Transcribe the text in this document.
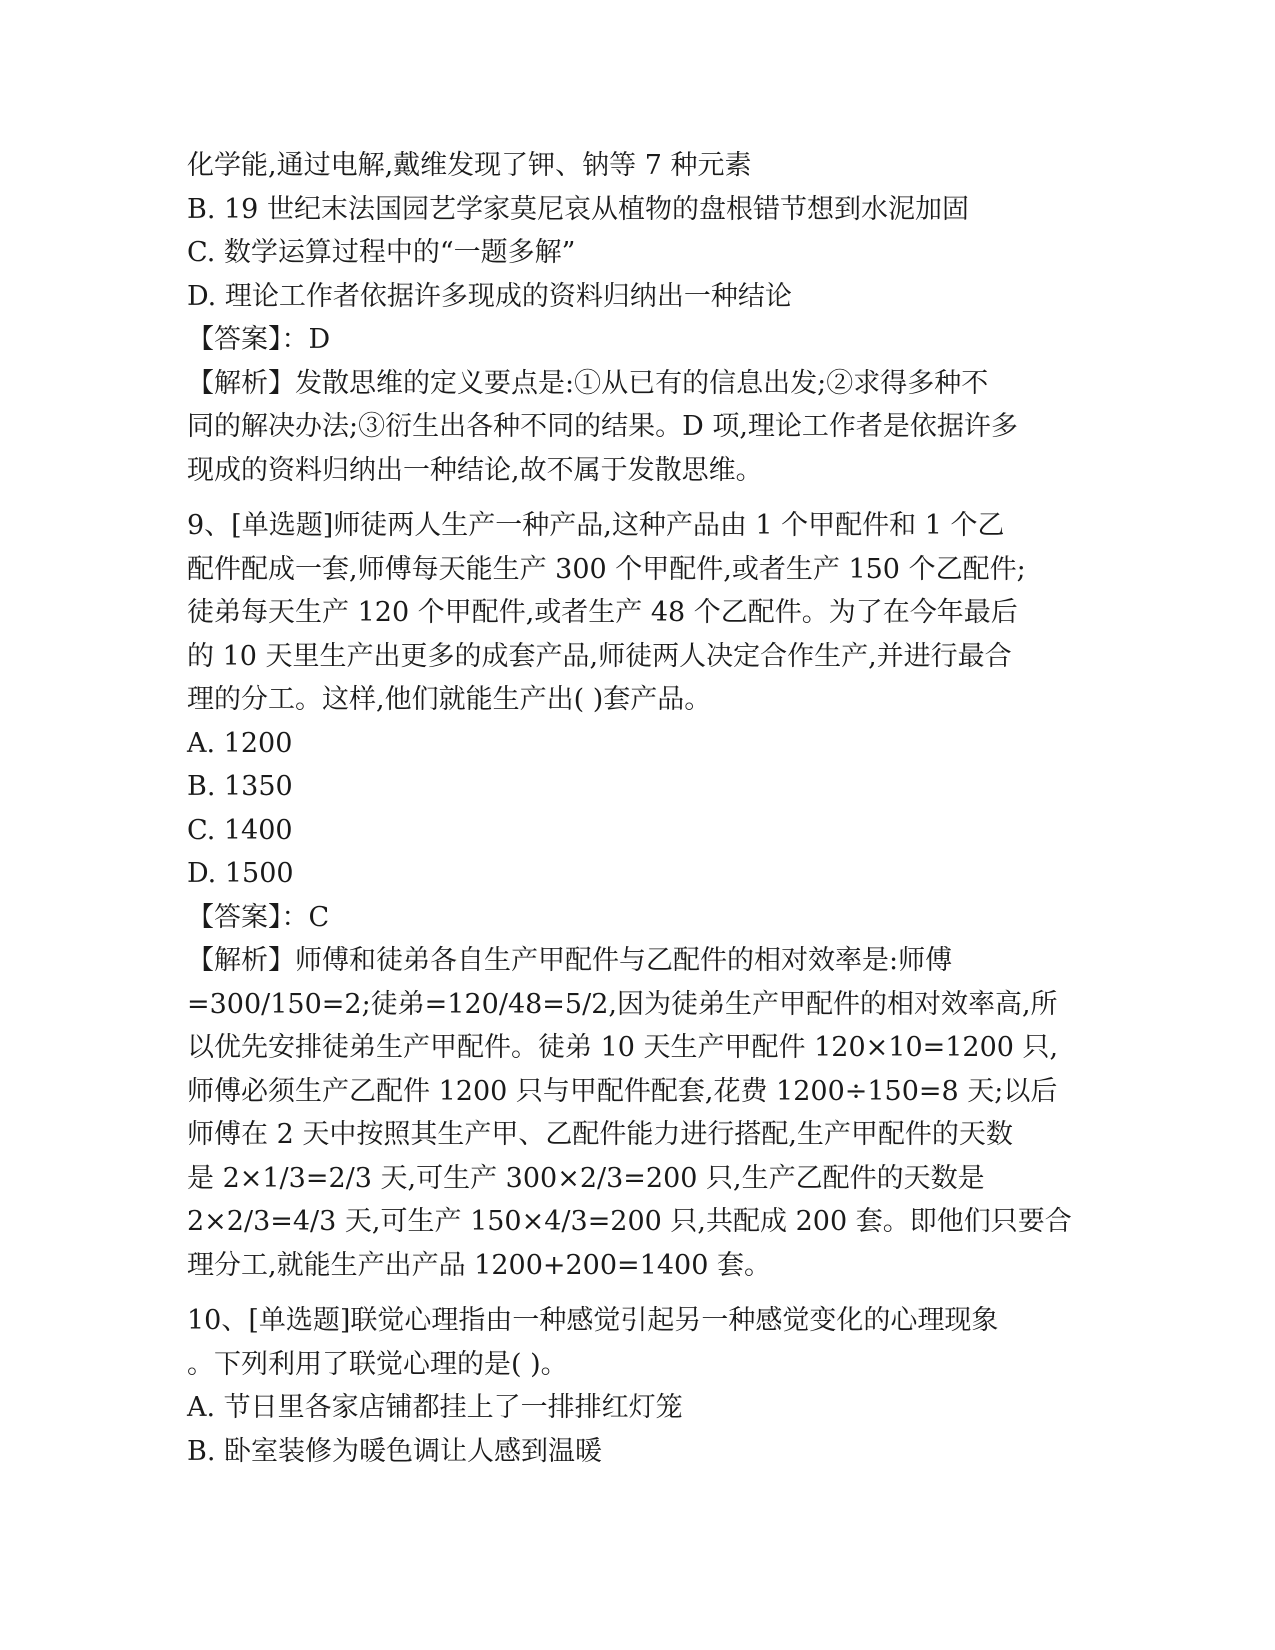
化学能,通过电解,戴维发现了钾、钠等 7 种元素
B. 19 世纪末法国园艺学家莫尼哀从植物的盘根错节想到水泥加固
C. 数学运算过程中的“一题多解”
D. 理论工作者依据许多现成的资料归纳出一种结论
【答案】：D
【解析】发散思维的定义要点是:①从已有的信息出发;②求得多种不
同的解决办法;③衍生出各种不同的结果。D 项,理论工作者是依据许多
现成的资料归纳出一种结论,故不属于发散思维。
9、[单选题]师徒两人生产一种产品,这种产品由 1 个甲配件和 1 个乙
配件配成一套,师傅每天能生产 300 个甲配件,或者生产 150 个乙配件;
徒弟每天生产 120 个甲配件,或者生产 48 个乙配件。为了在今年最后
的 10 天里生产出更多的成套产品,师徒两人决定合作生产,并进行最合
理的分工。这样,他们就能生产出( )套产品。
A. 1200
B. 1350
C. 1400
D. 1500
【答案】：C
【解析】师傅和徒弟各自生产甲配件与乙配件的相对效率是:师傅
=300/150=2;徒弟=120/48=5/2,因为徒弟生产甲配件的相对效率高,所
以优先安排徒弟生产甲配件。徒弟 10 天生产甲配件 120×10=1200 只,
师傅必须生产乙配件 1200 只与甲配件配套,花费 1200÷150=8 天;以后
师傅在 2 天中按照其生产甲、乙配件能力进行搭配,生产甲配件的天数
是 2×1/3=2/3 天,可生产 300×2/3=200 只,生产乙配件的天数是
2×2/3=4/3 天,可生产 150×4/3=200 只,共配成 200 套。即他们只要合
理分工,就能生产出产品 1200+200=1400 套。
10、[单选题]联觉心理指由一种感觉引起另一种感觉变化的心理现象
。下列利用了联觉心理的是( )。
A. 节日里各家店铺都挂上了一排排红灯笼
B. 卧室装修为暖色调让人感到温暖
